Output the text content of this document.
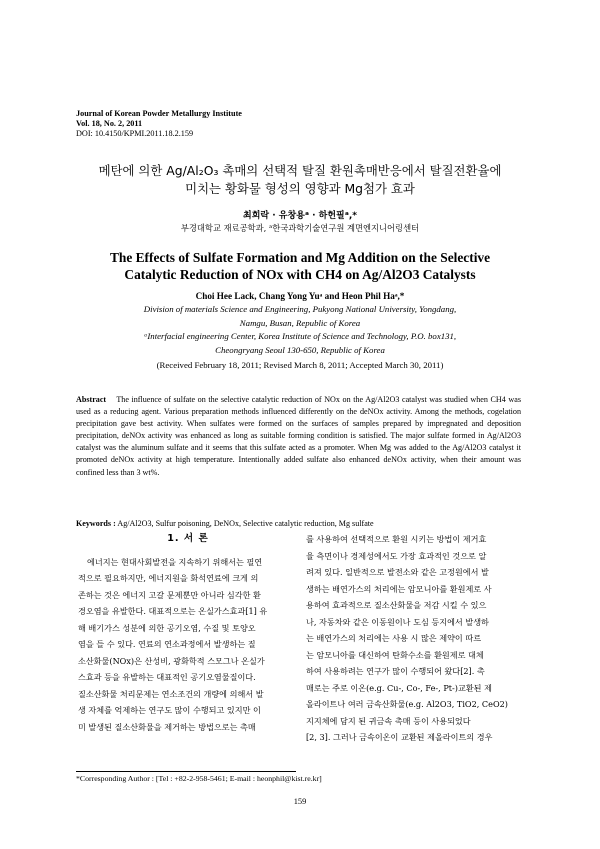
Journal of Korean Powder Metallurgy Institute
Vol. 18, No. 2, 2011
DOI: 10.4150/KPMI.2011.18.2.159
메탄에 의한 Ag/Al₂O₃ 촉매의 선택적 탈질 환원촉매반응에서 탈질전환율에
미치는 황화물 형성의 영향과 Mg첨가 효과
최희락 · 유창용ᵃ · 하헌필ᵃ,*
부경대학교 재료공학과, ᵃ한국과학기술연구원 계면엔지니어링센터
The Effects of Sulfate Formation and Mg Addition on the Selective
Catalytic Reduction of NOx with CH4 on Ag/Al2O3 Catalysts
Choi Hee Lack, Chang Yong Yuᵃ and Heon Phil Haᵃ,*
Division of materials Science and Engineering, Pukyong National University, Yongdang,
Namgu, Busan, Republic of Korea
ᵃInterfacial engineering Center, Korea Institute of Science and Technology, P.O. box131,
Cheongryang Seoul 130-650, Republic of Korea
(Received February 18, 2011; Revised March 8, 2011; Accepted March 30, 2011)
Abstract The influence of sulfate on the selective catalytic reduction of NOx on the Ag/Al2O3 catalyst was studied when CH4 was used as a reducing agent. Various preparation methods influenced differently on the deNOx activity. Among the methods, cogelation precipitation gave best activity. When sulfates were formed on the surfaces of samples prepared by impregnated and deposition precipitation, deNOx activity was enhanced as long as suitable forming condition is satisfied. The major sulfate formed in Ag/Al2O3 catalyst was the aluminum sulfate and it seems that this sulfate acted as a promoter. When Mg was added to the Ag/Al2O3 catalyst it promoted deNOx activity at high temperature. Intentionally added sulfate also enhanced deNOx activity, when their amount was confined less than 3 wt%.
Keywords : Ag/Al2O3, Sulfur poisoning, DeNOx, Selective catalytic reduction, Mg sulfate
1. 서 론
에너지는 현대사회발전을 지속하기 위해서는 필연
적으로 필요하지만, 에너지원을 화석연료에 크게 의
존하는 것은 에너지 고갈 문제뿐만 아니라 심각한 환
경오염을 유발한다. 대표적으로는 온실가스효과[1] 유
해 배기가스 성분에 의한 공기오염, 수질 및 토양오
염을 들 수 있다. 연료의 연소과정에서 발생하는 질
소산화물(NOx)은 산성비, 광화학적 스모그나 온실가
스효과 등을 유발하는 대표적인 공기오염물질이다.
질소산화물 처리문제는 연소조건의 개량에 의해서 발
생 자체를 억제하는 연구도 많이 수행되고 있지만 이
미 발생된 질소산화물을 제거하는 방법으로는 촉매
를 사용하여 선택적으로 환원 시키는 방법이 제거효
율 측면이나 경제성에서도 가장 효과적인 것으로 알
려져 있다. 일반적으로 발전소와 같은 고정원에서 발
생하는 배연가스의 처리에는 암모니아를 환원제로 사
용하여 효과적으로 질소산화물을 저감 시킬 수 있으
나, 자동차와 같은 이동원이나 도심 등지에서 발생하
는 배연가스의 처리에는 사용 시 많은 제약이 따르
는 암모니아를 대신하여 탄화수소를 환원제로 대체
하여 사용하려는 연구가 많이 수행되어 왔다[2]. 촉
매로는 주로 이온(e.g. Cu-, Co-, Fe-, Pt-)교환된 제
올라이트나 여러 금속산화물(e.g. Al2O3, TiO2, CeO2)
지지체에 담지 된 귀금속 촉매 등이 사용되었다
[2, 3]. 그러나 금속이온이 교환된 제올라이트의 경우
*Corresponding Author : [Tel : +82-2-958-5461; E-mail : heonphil@kist.re.kr]
159
